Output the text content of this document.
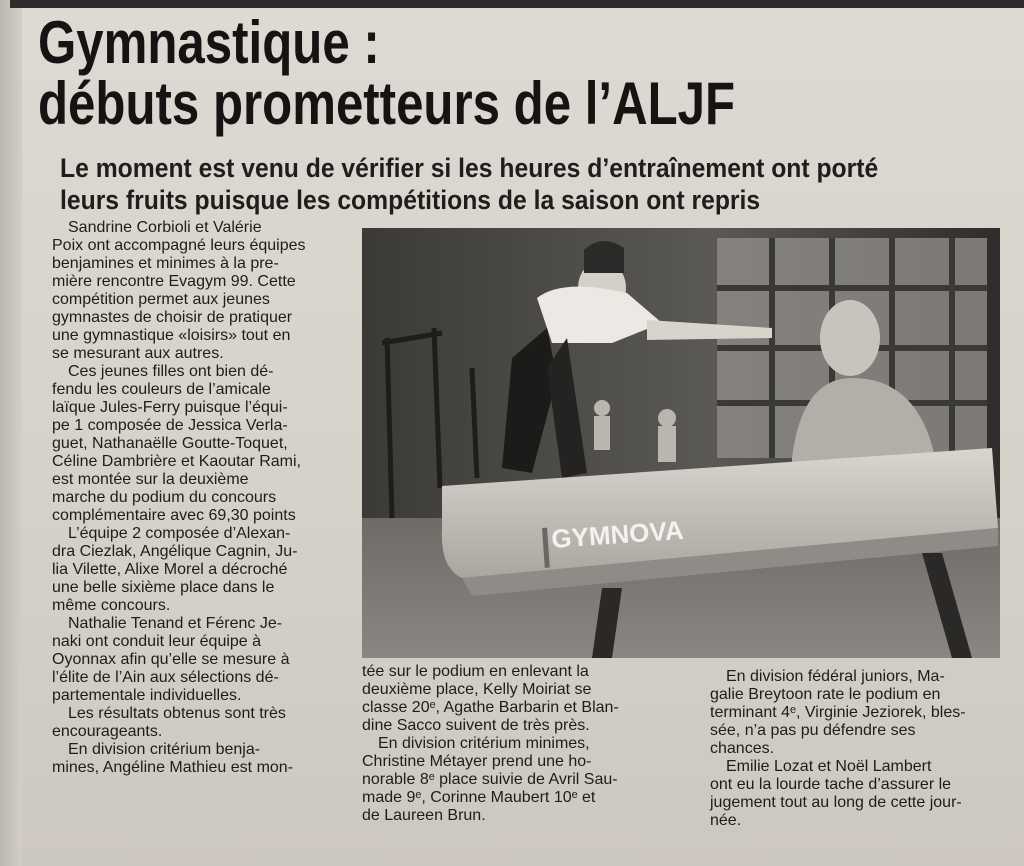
Gymnastique :
débuts prometteurs de l’ALJF
Le moment est venu de vérifier si les heures d’entraînement ont porté
leurs fruits puisque les compétitions de la saison ont repris
Sandrine Corbioli et Valérie
Poix ont accompagné leurs équipes
benjamines et minimes à la pre-
mière rencontre Evagym 99. Cette
compétition permet aux jeunes
gymnastes de choisir de pratiquer
une gymnastique «loisirs» tout en
se mesurant aux autres.
Ces jeunes filles ont bien dé-
fendu les couleurs de l’amicale
laïque Jules-Ferry puisque l’équi-
pe 1 composée de Jessica Verla-
guet, Nathanaëlle Goutte-Toquet,
Céline Dambrière et Kaoutar Rami,
est montée sur la deuxième
marche du podium du concours
complémentaire avec 69,30 points
L’équipe 2 composée d’Alexan-
dra Ciezlak, Angélique Cagnin, Ju-
lia Vilette, Alixe Morel a décroché
une belle sixième place dans le
même concours.
Nathalie Tenand et Férenc Je-
naki ont conduit leur équipe à
Oyonnax afin qu’elle se mesure à
l’élite de l’Ain aux sélections dé-
partementale individuelles.
Les résultats obtenus sont très
encourageants.
En division critérium benja-
mines, Angéline Mathieu est mon-
GYMNOVA
tée sur le podium en enlevant la
deuxième place, Kelly Moiriat se
classe 20ᵉ, Agathe Barbarin et Blan-
dine Sacco suivent de très près.
En division critérium minimes,
Christine Métayer prend une ho-
norable 8ᵉ place suivie de Avril Sau-
made 9ᵉ, Corinne Maubert 10ᵉ et
de Laureen Brun.
En division fédéral juniors, Ma-
galie Breytoon rate le podium en
terminant 4ᵉ, Virginie Jeziorek, bles-
sée, n’a pas pu défendre ses
chances.
Emilie Lozat et Noël Lambert
ont eu la lourde tache d’assurer le
jugement tout au long de cette jour-
née.
